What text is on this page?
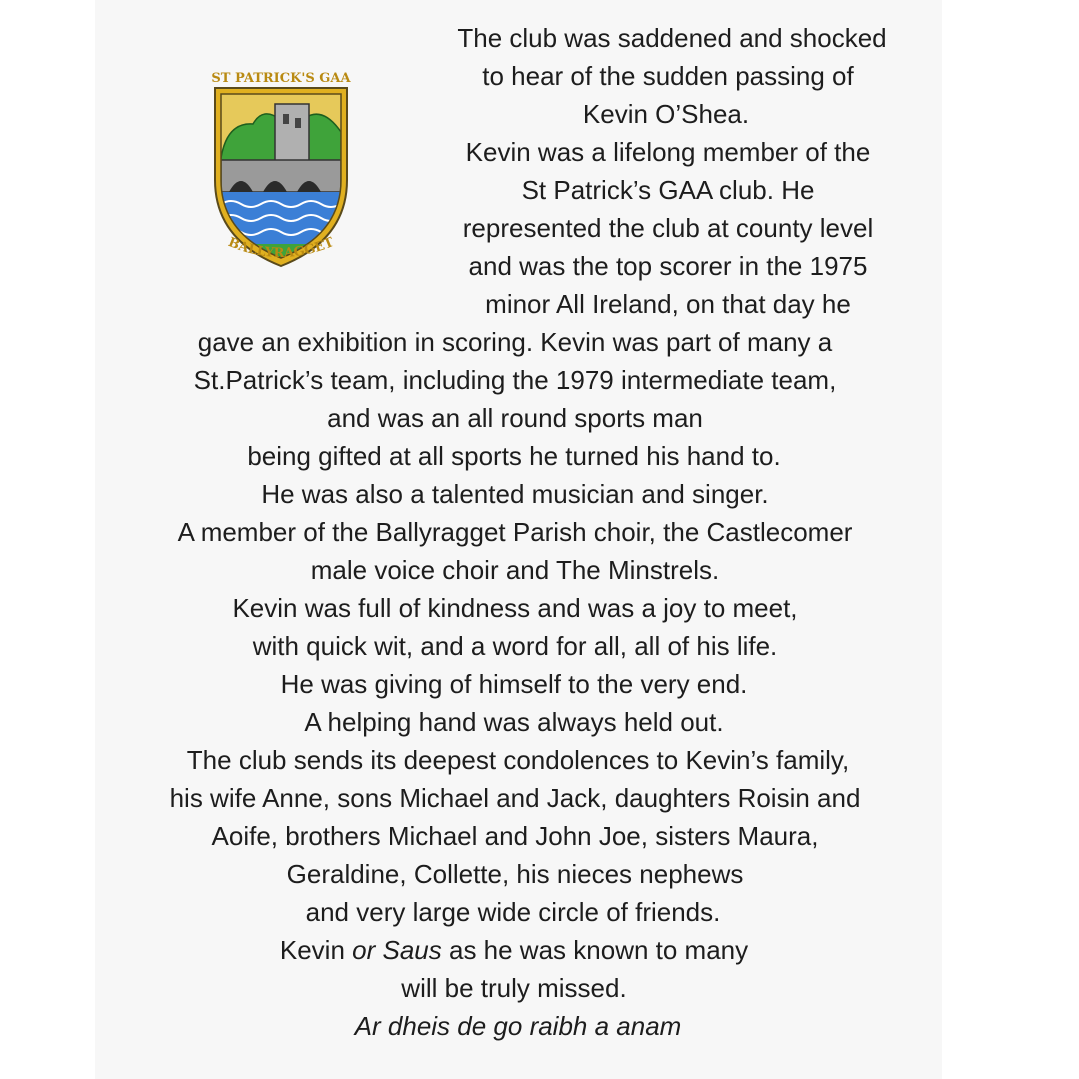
ST PATRICK'S GAA
BALLYRAGGET
The club was saddened and shocked
to hear of the sudden passing of
Kevin O’Shea.
Kevin was a lifelong member of the
St Patrick’s GAA club. He
represented the club at county level
and was the top scorer in the 1975
minor All Ireland, on that day he
gave an exhibition in scoring. Kevin was part of many a
St.Patrick’s team, including the 1979 intermediate team,
and was an all round sports man
being gifted at all sports he turned his hand to.
He was also a talented musician and singer.
A member of the Ballyragget Parish choir, the Castlecomer
male voice choir and The Minstrels.
Kevin was full of kindness and was a joy to meet,
with quick wit, and a word for all, all of his life.
He was giving of himself to the very end.
A helping hand was always held out.
The club sends its deepest condolences to Kevin’s family,
his wife Anne, sons Michael and Jack, daughters Roisin and
Aoife, brothers Michael and John Joe, sisters Maura,
Geraldine, Collette, his nieces nephews
and very large wide circle of friends.
Kevin or Saus as he was known to many
will be truly missed.
Ar dheis de go raibh a anam
